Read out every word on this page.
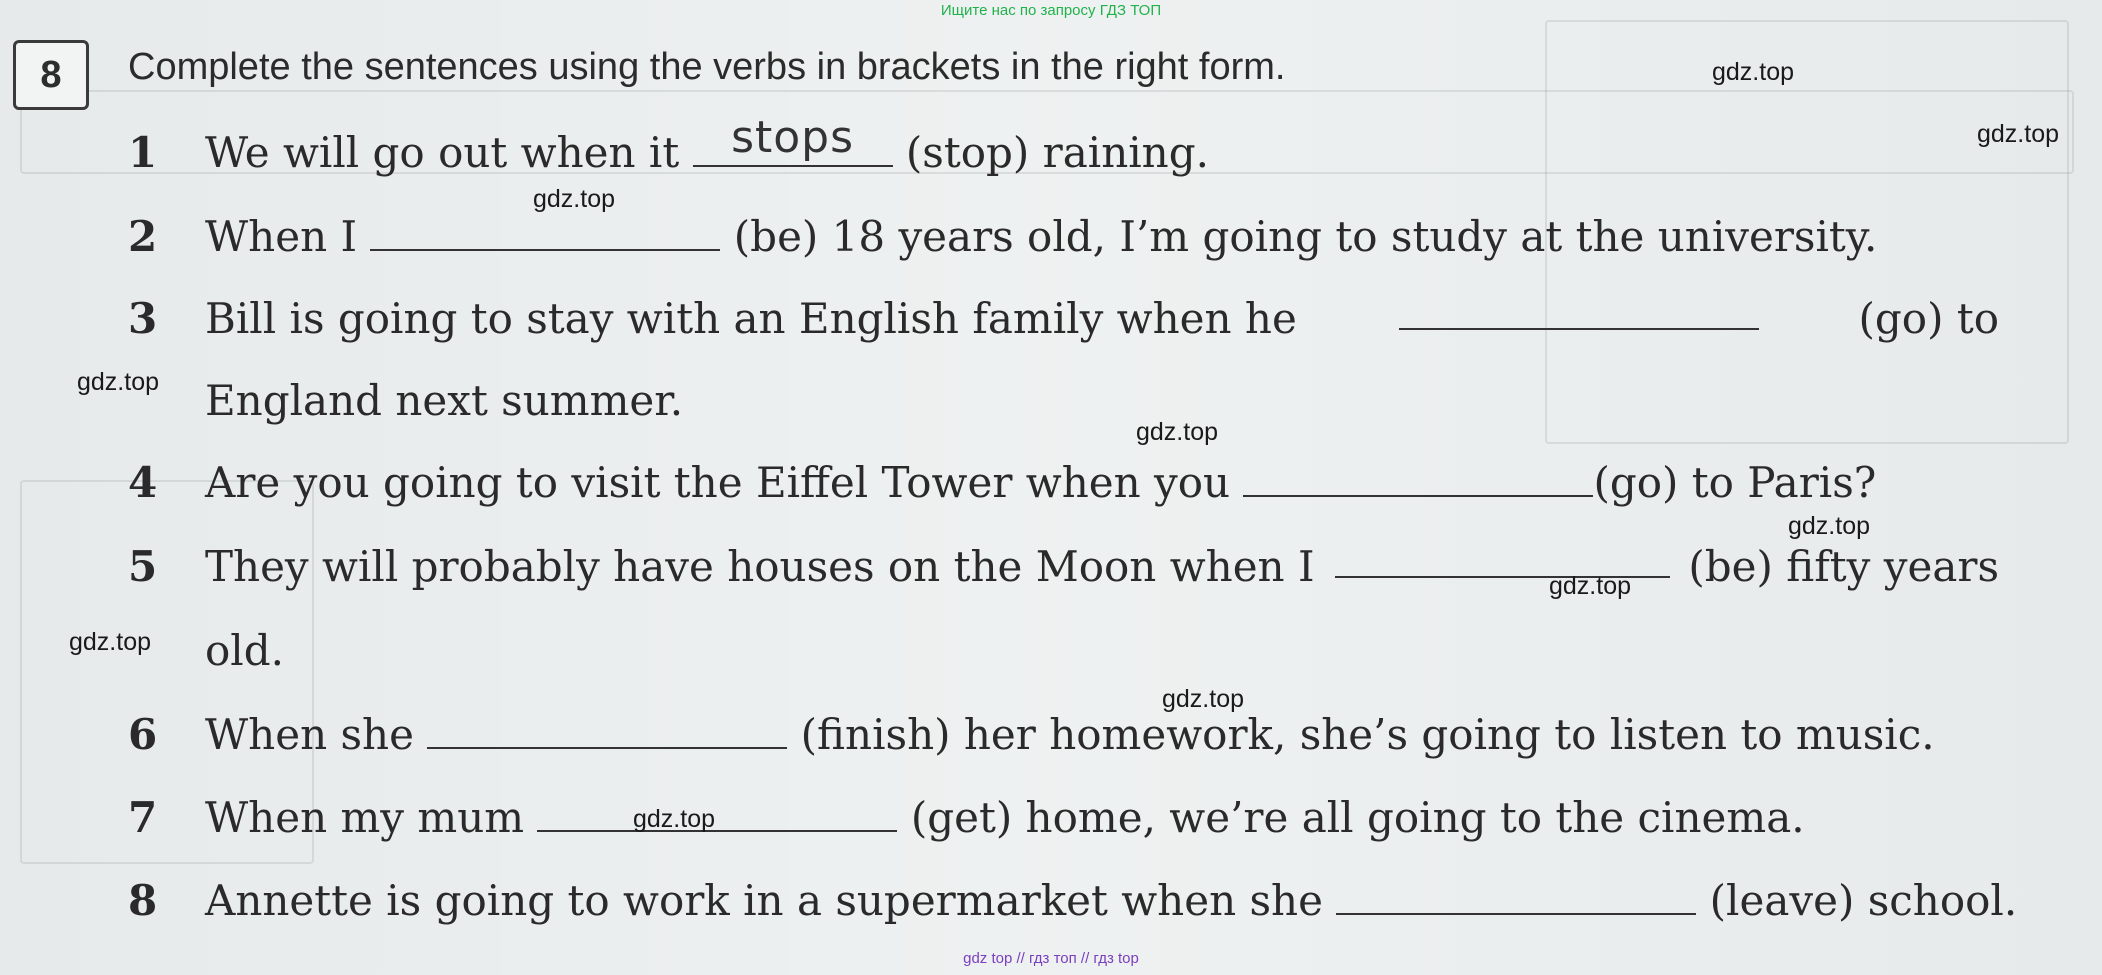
Ищите нас по запросу ГДЗ ТОП
8	Complete the sentences using the verbs in brackets in the right form.
1 We will go out when it	stops	(stop) raining.
2 When I	(be) 18 years old, I’m going to study at the university.
3 Bill is going to stay with an English family when he	(go) to
England next summer.
4 Are you going to visit the Eiffel Tower when you	(go) to Paris?
5 They will probably have houses on the Moon when I	(be) fifty years
old.
6 When she	(finish) her homework, she’s going to listen to music.
7 When my mum	(get) home, we’re all going to the cinema.
8 Annette is going to work in a supermarket when she	(leave) school.
gdz.top
gdz.top
gdz.top
gdz.top
gdz.top
gdz.top
gdz.top
gdz.top
gdz.top
gdz.top
gdz top // гдз топ // гдз top
